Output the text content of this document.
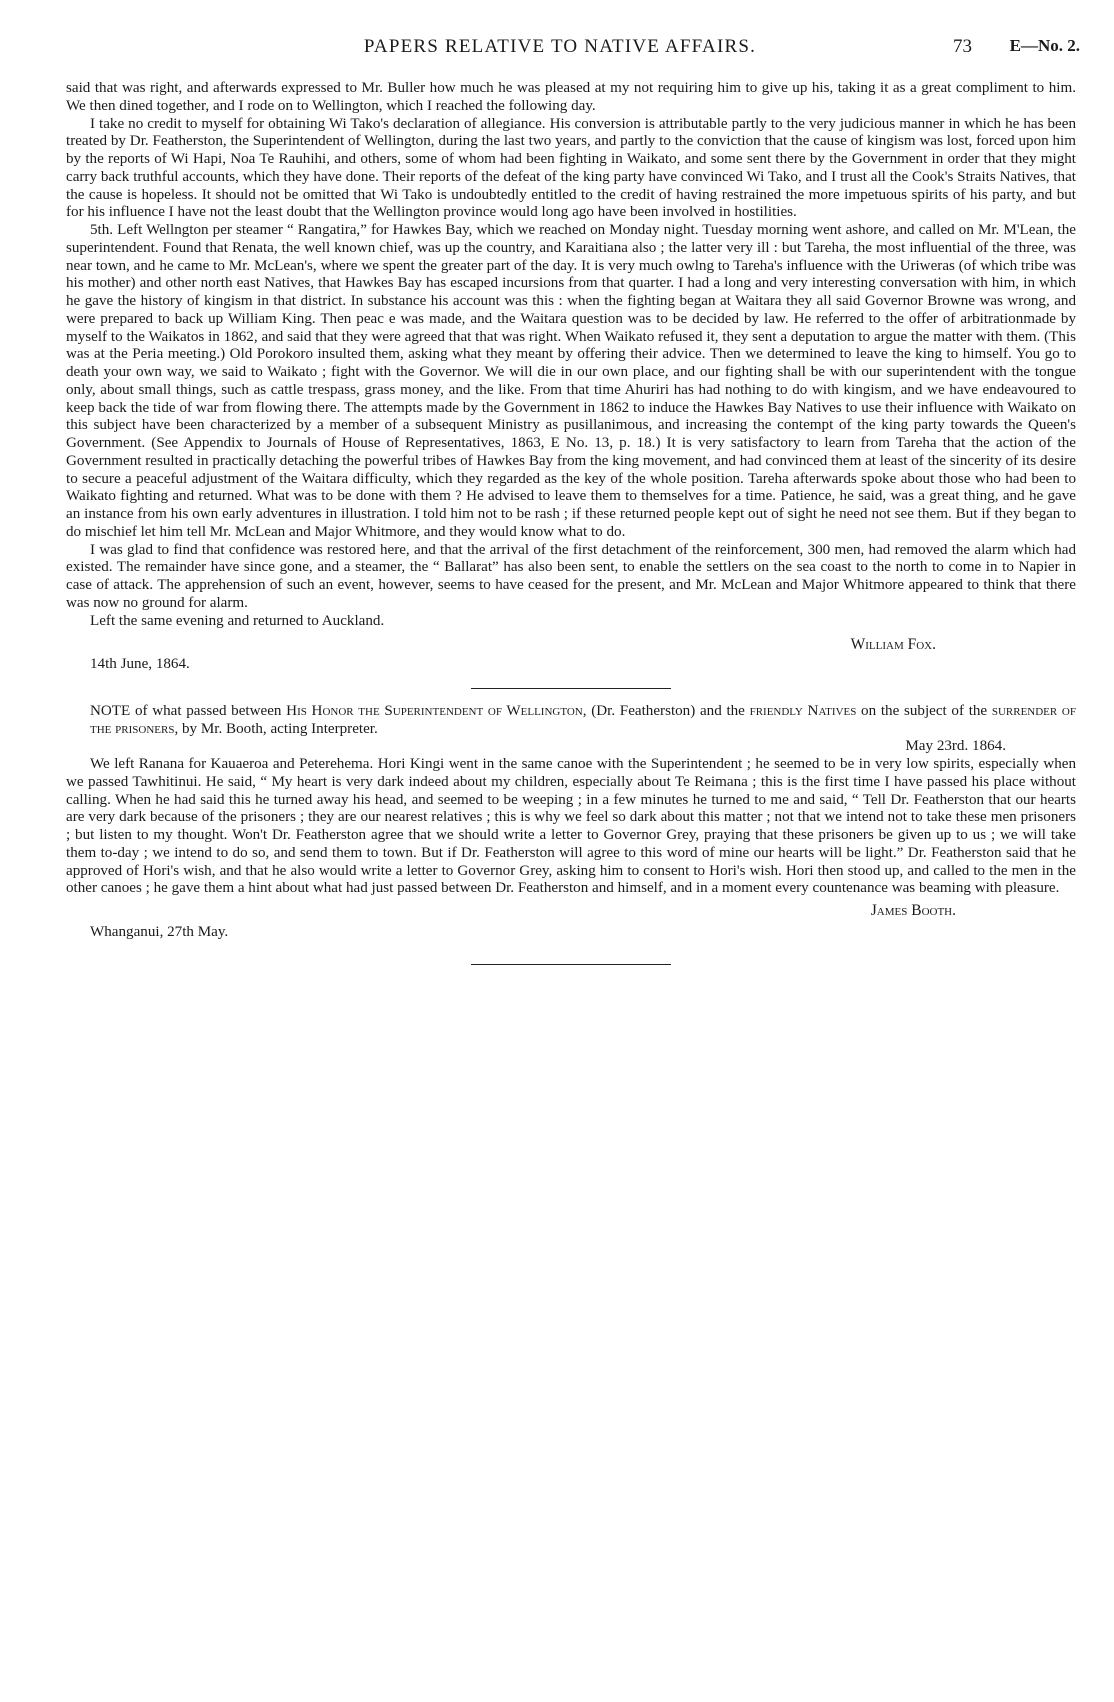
PAPERS RELATIVE TO NATIVE AFFAIRS.	73 E—No. 2.

said that was right, and afterwards expressed to Mr. Buller how much he was pleased at my not requiring him to give up his, taking it as a great compliment to him. We then dined together, and I rode on to Wellington, which I reached the following day.

I take no credit to myself for obtaining Wi Tako's declaration of allegiance. His conversion is attributable partly to the very judicious manner in which he has been treated by Dr. Featherston, the Superintendent of Wellington, during the last two years, and partly to the conviction that the cause of kingism was lost, forced upon him by the reports of Wi Hapi, Noa Te Rauhihi, and others, some of whom had been fighting in Waikato, and some sent there by the Government in order that they might carry back truthful accounts, which they have done. Their reports of the defeat of the king party have convinced Wi Tako, and I trust all the Cook's Straits Natives, that the cause is hopeless. It should not be omitted that Wi Tako is undoubtedly entitled to the credit of having restrained the more impetuous spirits of his party, and but for his influence I have not the least doubt that the Wellington province would long ago have been involved in hostilities.

5th. Left Wellngton per steamer “ Rangatira,” for Hawkes Bay, which we reached on Monday night. Tuesday morning went ashore, and called on Mr. M'Lean, the superintendent. Found that Renata, the well known chief, was up the country, and Karaitiana also ; the latter very ill : but Tareha, the most influential of the three, was near town, and he came to Mr. McLean's, where we spent the greater part of the day. It is very much owlng to Tareha's influence with the Uriweras (of which tribe was his mother) and other north east Natives, that Hawkes Bay has escaped incursions from that quarter. I had a long and very interesting conversation with him, in which he gave the history of kingism in that district. In substance his account was this : when the fighting began at Waitara they all said Governor Browne was wrong, and were prepared to back up William King. Then peac e was made, and the Waitara question was to be decided by law. He referred to the offer of arbitrationmade by myself to the Waikatos in 1862, and said that they were agreed that that was right. When Waikato refused it, they sent a deputation to argue the matter with them. (This was at the Peria meeting.) Old Porokoro insulted them, asking what they meant by offering their advice. Then we determined to leave the king to himself. You go to death your own way, we said to Waikato ; fight with the Governor. We will die in our own place, and our fighting shall be with our superintendent with the tongue only, about small things, such as cattle trespass, grass money, and the like. From that time Ahuriri has had nothing to do with kingism, and we have endeavoured to keep back the tide of war from flowing there. The attempts made by the Government in 1862 to induce the Hawkes Bay Natives to use their influence with Waikato on this subject have been characterized by a member of a subsequent Ministry as pusillanimous, and increasing the contempt of the king party towards the Queen's Government. (See Appendix to Journals of House of Representatives, 1863, E No. 13, p. 18.) It is very satisfactory to learn from Tareha that the action of the Government resulted in practically detaching the powerful tribes of Hawkes Bay from the king movement, and had convinced them at least of the sincerity of its desire to secure a peaceful adjustment of the Waitara difficulty, which they regarded as the key of the whole position. Tareha afterwards spoke about those who had been to Waikato fighting and returned. What was to be done with them ? He advised to leave them to themselves for a time. Patience, he said, was a great thing, and he gave an instance from his own early adventures in illustration. I told him not to be rash ; if these returned people kept out of sight he need not see them. But if they began to do mischief let him tell Mr. McLean and Major Whitmore, and they would know what to do.

I was glad to find that confidence was restored here, and that the arrival of the first detachment of the reinforcement, 300 men, had removed the alarm which had existed. The remainder have since gone, and a steamer, the “ Ballarat” has also been sent, to enable the settlers on the sea coast to the north to come in to Napier in case of attack. The apprehension of such an event, however, seems to have ceased for the present, and Mr. McLean and Major Whitmore appeared to think that there was now no ground for alarm.

Left the same evening and returned to Auckland.

William Fox.
14th June, 1864.

NOTE of what passed between His Honor the Superintendent of Wellington, (Dr. Featherston) and the friendly Natives on the subject of the surrender of the prisoners, by Mr. Booth, acting Interpreter.

May 23rd. 1864.

We left Ranana for Kauaeroa and Peterehema. Hori Kingi went in the same canoe with the Superintendent ; he seemed to be in very low spirits, especially when we passed Tawhitinui. He said, “ My heart is very dark indeed about my children, especially about Te Reimana ; this is the first time I have passed his place without calling. When he had said this he turned away his head, and seemed to be weeping ; in a few minutes he turned to me and said, “ Tell Dr. Featherston that our hearts are very dark because of the prisoners ; they are our nearest relatives ; this is why we feel so dark about this matter ; not that we intend not to take these men prisoners ; but listen to my thought. Won't Dr. Featherston agree that we should write a letter to Governor Grey, praying that these prisoners be given up to us ; we will take them to-day ; we intend to do so, and send them to town. But if Dr. Featherston will agree to this word of mine our hearts will be light.” Dr. Featherston said that he approved of Hori's wish, and that he also would write a letter to Governor Grey, asking him to consent to Hori's wish. Hori then stood up, and called to the men in the other canoes ; he gave them a hint about what had just passed between Dr. Featherston and himself, and in a moment every countenance was beaming with pleasure.

James Booth.
Whanganui, 27th May.
